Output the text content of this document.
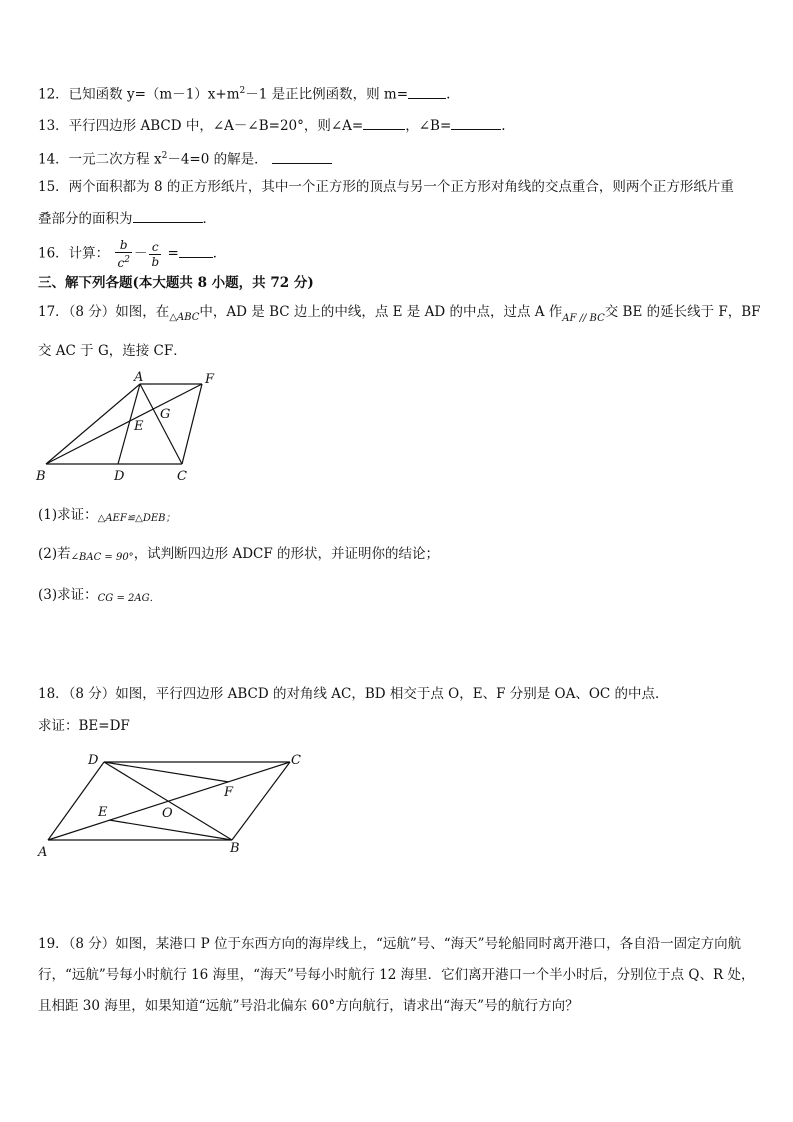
12．已知函数 $y=(m-1)x+m^2-1$ 是正比例函数，则 m=	.
13．平行四边形 ABCD 中，∠A－∠B=20°，则∠A=	，∠B=	.
14．一元二次方程 $x^2-4=0$ 的解是．
15．两个面积都为 8 的正方形纸片，其中一个正方形的顶点与另一个正方形对角线的交点重合，则两个正方形纸片重
叠部分的面积为	．
16．计算： $\frac{b}{c^2} - \frac{c}{b}$ =	．
三、解下列各题(本大题共 8 小题，共 72 分)
17．（8 分）如图，在$_{\triangle ABC}$中，AD 是 BC 边上的中线，点 E 是 AD 的中点，过点 A 作$_{AF // BC}$交 BE 的延长线于 F，BF
交 AC 于 G，连接 CF．
A	F
G
E
B	D	C
(1)求证：△AEF≌△DEB；
(2)若∠BAC = 90°，试判断四边形 ADCF 的形状，并证明你的结论；
(3)求证：CG = 2AG．
18．（8 分）如图，平行四边形 ABCD 的对角线 AC，BD 相交于点 O，E、F 分别是 OA、OC 的中点．
求证：BE=DF
D	C
F
E	O
A	B
19．（8 分）如图，某港口 P 位于东西方向的海岸线上，“远航”号、“海天”号轮船同时离开港口，各自沿一固定方向航
行，“远航”号每小时航行 16 海里，“海天”号每小时航行 12 海里．它们离开港口一个半小时后，分别位于点 Q、R 处，
且相距 30 海里，如果知道“远航”号沿北偏东 60°方向航行，请求出“海天”号的航行方向？
